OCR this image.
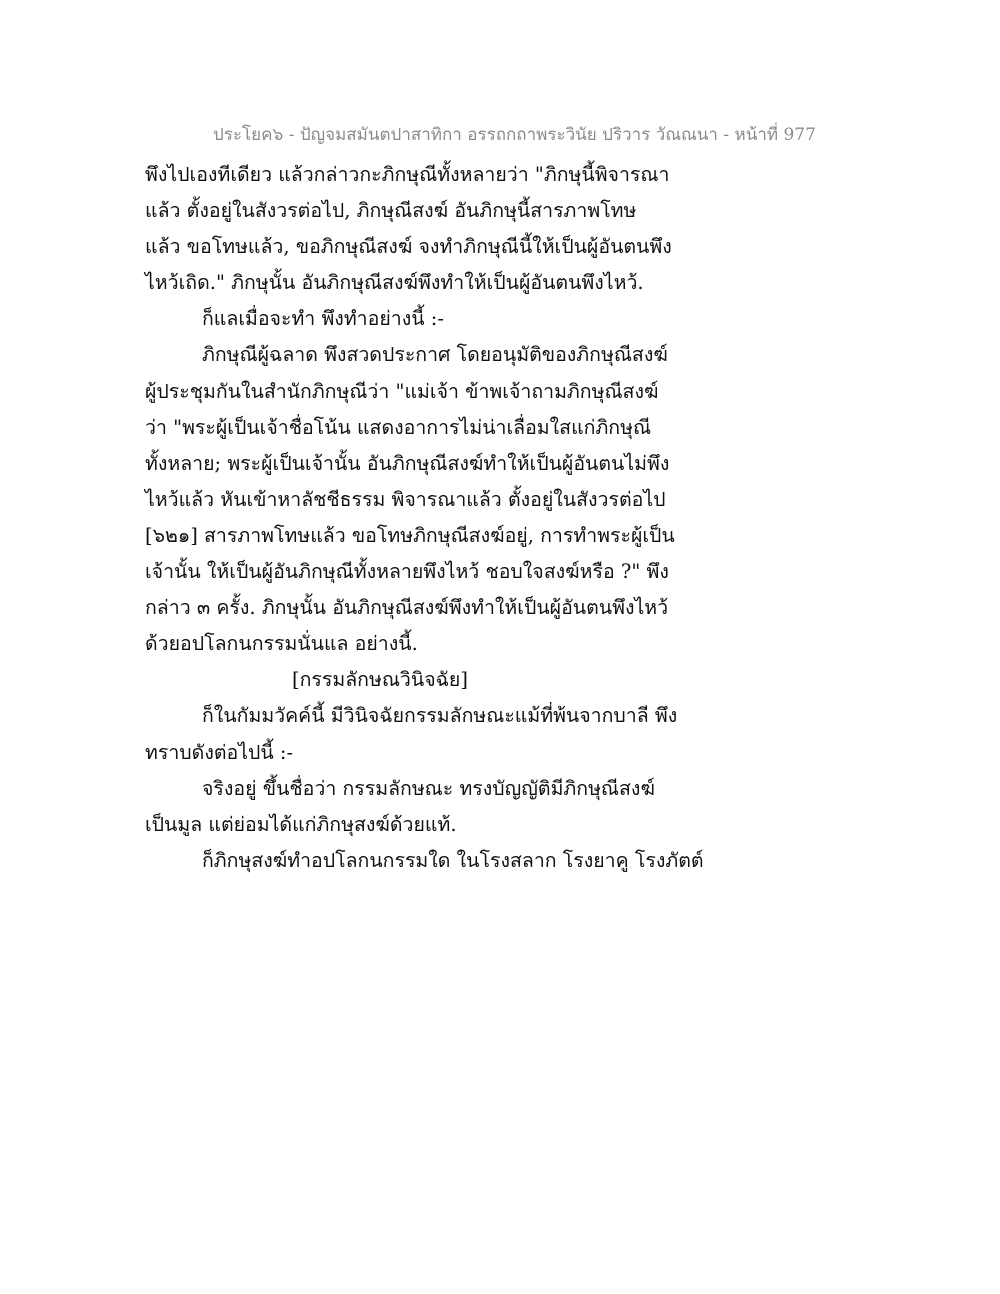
ประโยค๖ - ปัญจมสมันตปาสาทิกา อรรถกถาพระวินัย ปริวาร วัณณนา - หน้าที่ 977
พึงไปเองทีเดียว แล้วกล่าวกะภิกษุณีทั้งหลายว่า "ภิกษุนี้พิจารณา
แล้ว ตั้งอยู่ในสังวรต่อไป, ภิกษุณีสงฆ์ อันภิกษุนี้สารภาพโทษ
แล้ว ขอโทษแล้ว, ขอภิกษุณีสงฆ์ จงทำภิกษุณีนี้ให้เป็นผู้อันตนพึง
ไหว้เถิด." ภิกษุนั้น อันภิกษุณีสงฆ์พึงทำให้เป็นผู้อันตนพึงไหว้.
ก็แลเมื่อจะทำ พึงทำอย่างนี้ :-
ภิกษุณีผู้ฉลาด พึงสวดประกาศ โดยอนุมัติของภิกษุณีสงฆ์
ผู้ประชุมกันในสำนักภิกษุณีว่า "แม่เจ้า ข้าพเจ้าถามภิกษุณีสงฆ์
ว่า "พระผู้เป็นเจ้าชื่อโน้น แสดงอาการไม่น่าเลื่อมใสแก่ภิกษุณี
ทั้งหลาย; พระผู้เป็นเจ้านั้น อันภิกษุณีสงฆ์ทำให้เป็นผู้อันตนไม่พึง
ไหว้แล้ว หันเข้าหาลัชชีธรรม พิจารณาแล้ว ตั้งอยู่ในสังวรต่อไป
[๖๒๑] สารภาพโทษแล้ว ขอโทษภิกษุณีสงฆ์อยู่, การทำพระผู้เป็น
เจ้านั้น ให้เป็นผู้อันภิกษุณีทั้งหลายพึงไหว้ ชอบใจสงฆ์หรือ ?" พึง
กล่าว ๓ ครั้ง. ภิกษุนั้น อันภิกษุณีสงฆ์พึงทำให้เป็นผู้อันตนพึงไหว้
ด้วยอปโลกนกรรมนั่นแล อย่างนี้.
[กรรมลักษณวินิจฉัย]
ก็ในกัมมวัคค์นี้ มีวินิจฉัยกรรมลักษณะแม้ที่พ้นจากบาลี พึง
ทราบดังต่อไปนี้ :-
จริงอยู่ ขึ้นชื่อว่า กรรมลักษณะ ทรงบัญญัติมีภิกษุณีสงฆ์
เป็นมูล แต่ย่อมได้แก่ภิกษุสงฆ์ด้วยแท้.
ก็ภิกษุสงฆ์ทำอปโลกนกรรมใด ในโรงสลาก โรงยาคู โรงภัตต์
